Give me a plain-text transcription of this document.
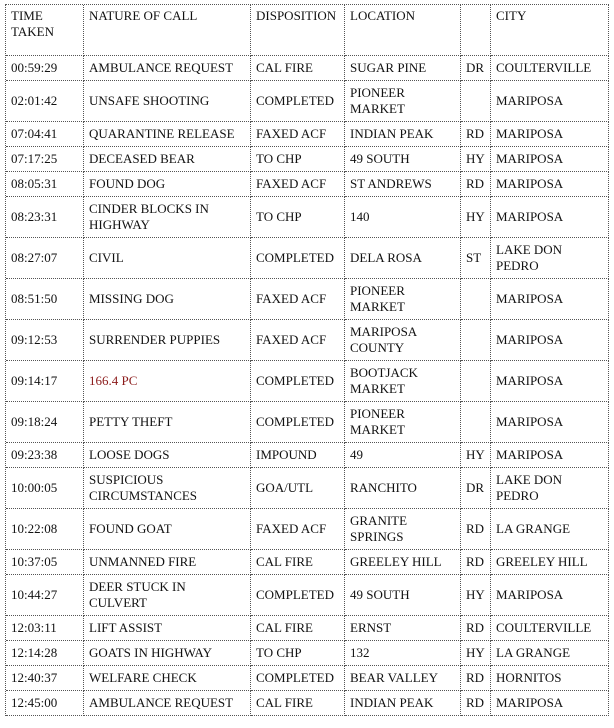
TIME TAKEN	NATURE OF CALL	DISPOSITION	LOCATION		CITY
00:59:29	AMBULANCE REQUEST	CAL FIRE	SUGAR PINE	DR	COULTERVILLE
02:01:42	UNSAFE SHOOTING	COMPLETED	PIONEER MARKET		MARIPOSA
07:04:41	QUARANTINE RELEASE	FAXED ACF	INDIAN PEAK	RD	MARIPOSA
07:17:25	DECEASED BEAR	TO CHP	49 SOUTH	HY	MARIPOSA
08:05:31	FOUND DOG	FAXED ACF	ST ANDREWS	RD	MARIPOSA
08:23:31	CINDER BLOCKS IN HIGHWAY	TO CHP	140	HY	MARIPOSA
08:27:07	CIVIL	COMPLETED	DELA ROSA	ST	LAKE DON PEDRO
08:51:50	MISSING DOG	FAXED ACF	PIONEER MARKET		MARIPOSA
09:12:53	SURRENDER PUPPIES	FAXED ACF	MARIPOSA COUNTY		MARIPOSA
09:14:17	166.4 PC	COMPLETED	BOOTJACK MARKET		MARIPOSA
09:18:24	PETTY THEFT	COMPLETED	PIONEER MARKET		MARIPOSA
09:23:38	LOOSE DOGS	IMPOUND	49	HY	MARIPOSA
10:00:05	SUSPICIOUS CIRCUMSTANCES	GOA/UTL	RANCHITO	DR	LAKE DON PEDRO
10:22:08	FOUND GOAT	FAXED ACF	GRANITE SPRINGS	RD	LA GRANGE
10:37:05	UNMANNED FIRE	CAL FIRE	GREELEY HILL	RD	GREELEY HILL
10:44:27	DEER STUCK IN CULVERT	COMPLETED	49 SOUTH	HY	MARIPOSA
12:03:11	LIFT ASSIST	CAL FIRE	ERNST	RD	COULTERVILLE
12:14:28	GOATS IN HIGHWAY	TO CHP	132	HY	LA GRANGE
12:40:37	WELFARE CHECK	COMPLETED	BEAR VALLEY	RD	HORNITOS
12:45:00	AMBULANCE REQUEST	CAL FIRE	INDIAN PEAK	RD	MARIPOSA
